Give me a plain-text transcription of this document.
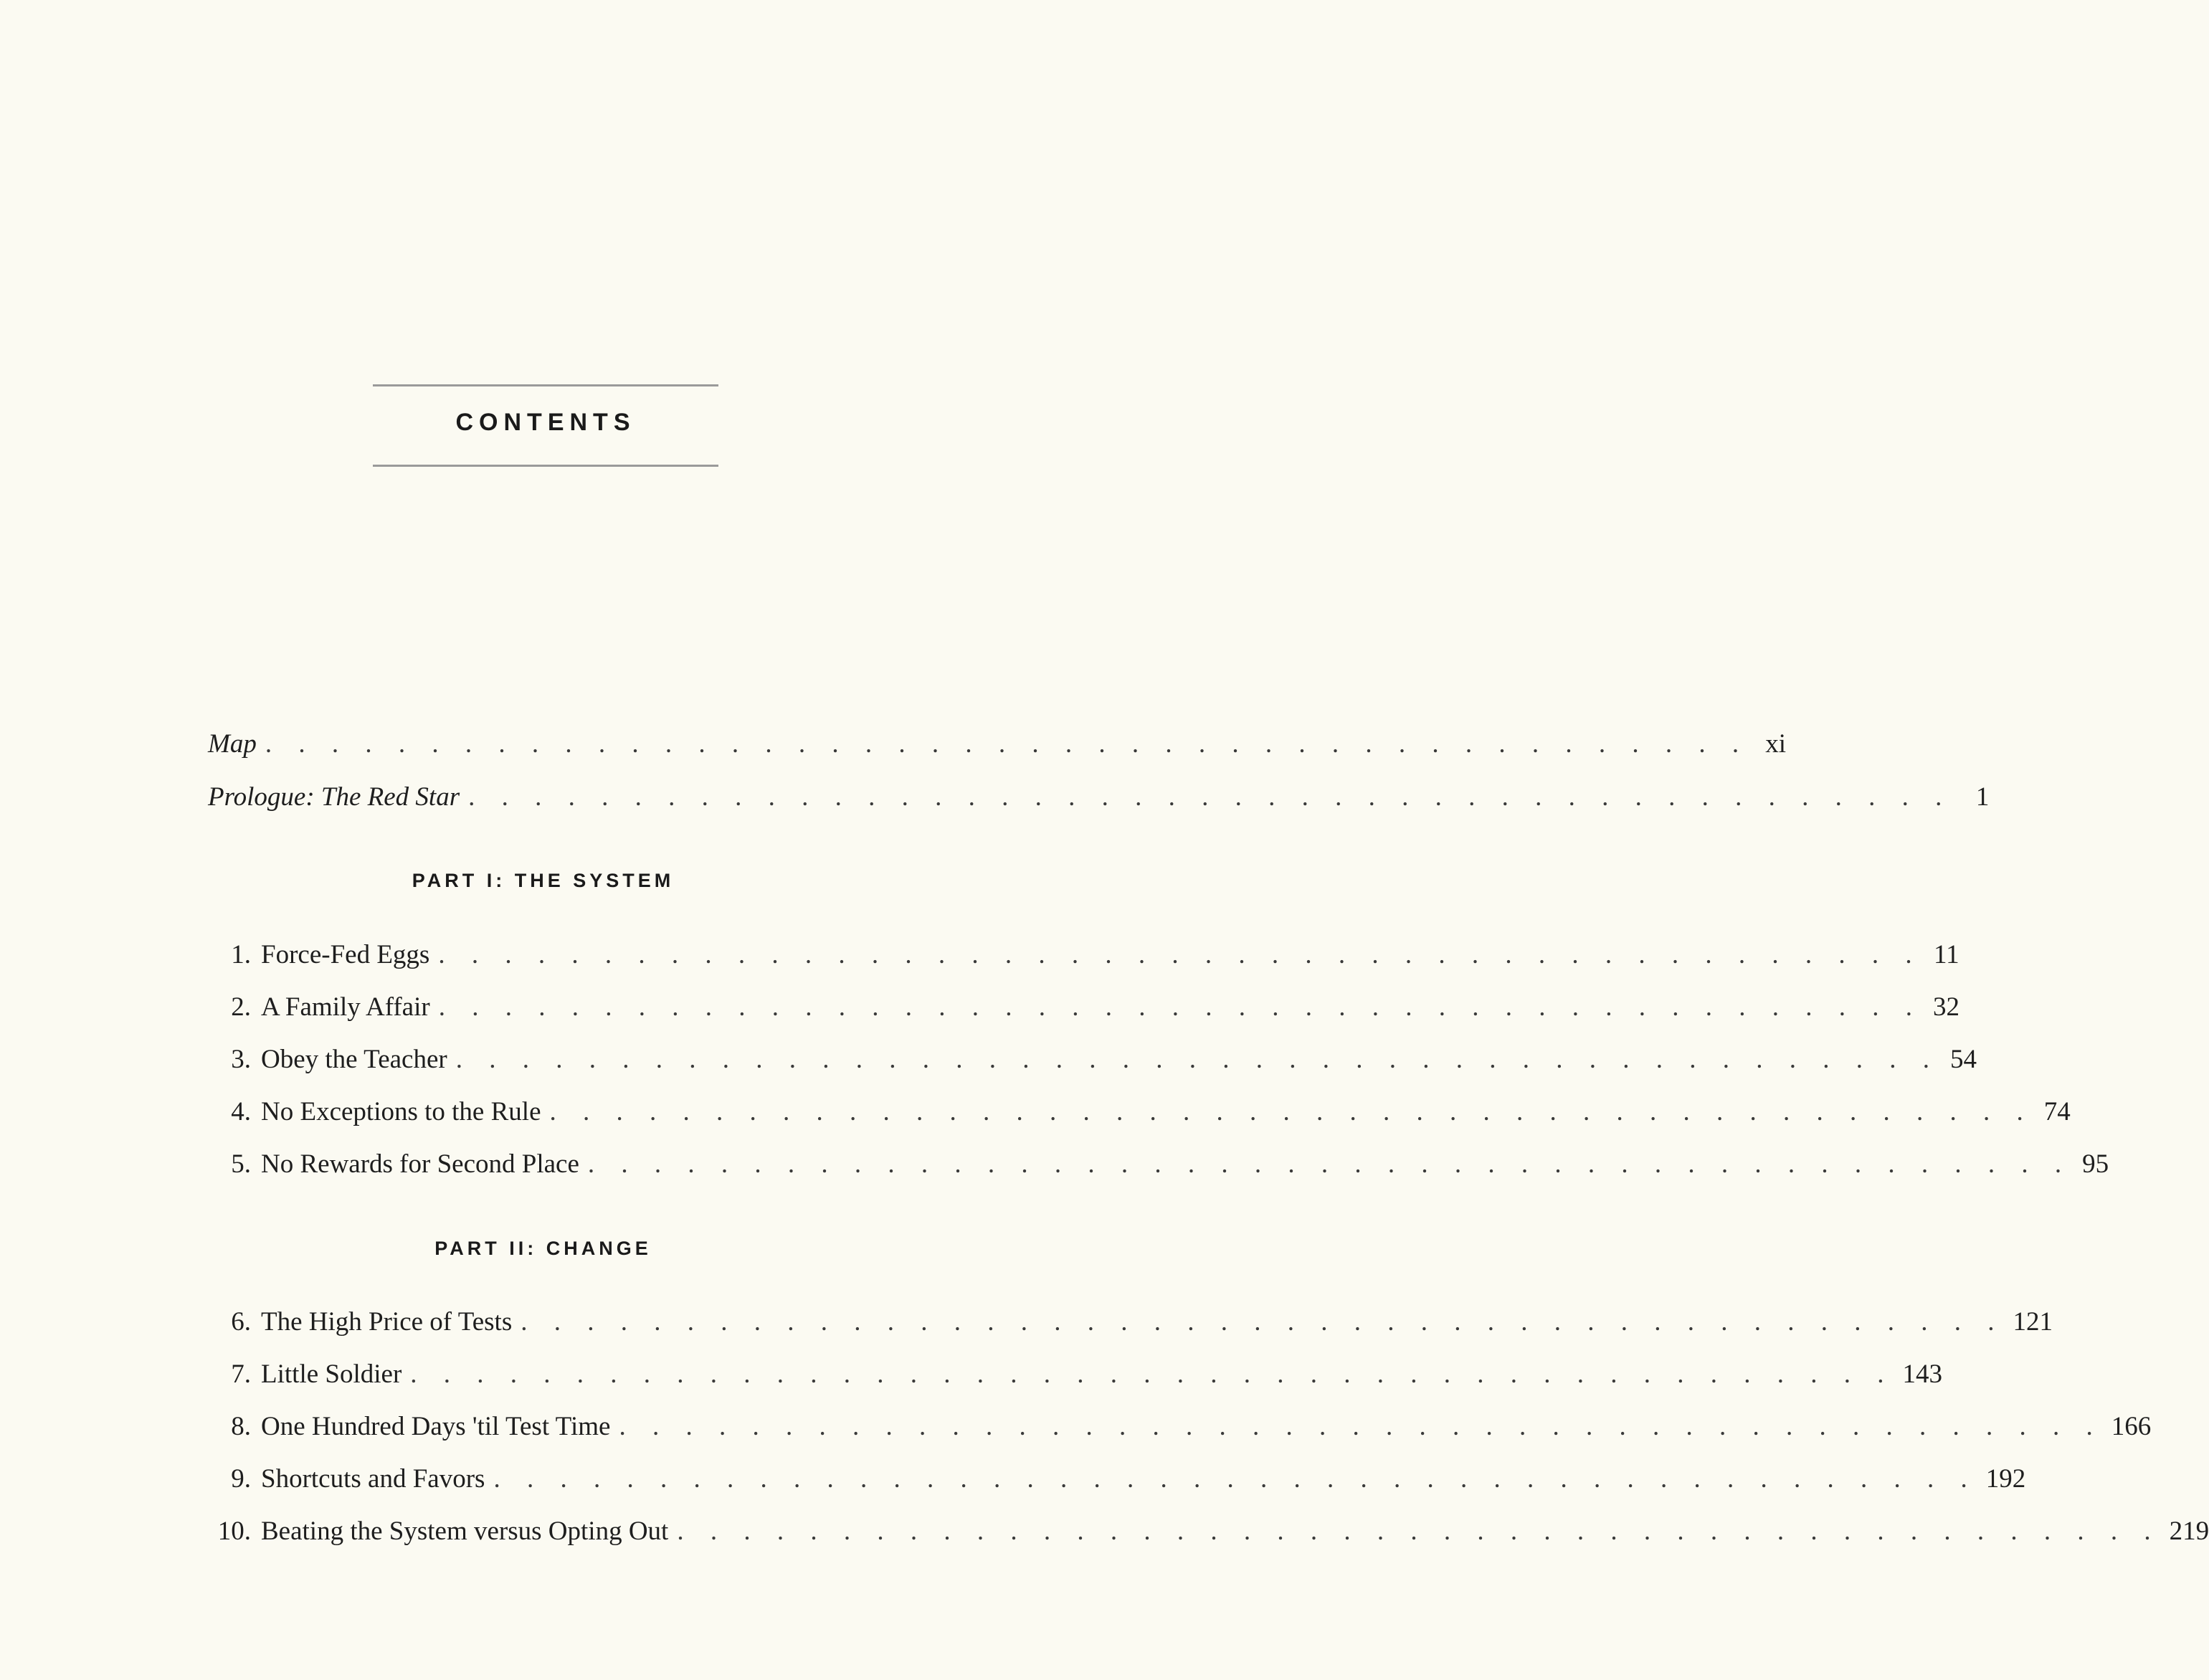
CONTENTS
Map . . . . . . . . . . . . . . . . . . . . . . . . . . . . . . . . . . . . . . . . . . . . . xi
Prologue: The Red Star . . . . . . . . . . . . . . . . . . . . . . . . . . . . . . . . . . . . . . . . . . . . . 1
PART I: THE SYSTEM
1. Force-Fed Eggs . . . . . . . . . . . . . . . . . . . . . . . . . . . . . . . . . . . . . . . . . . . . . 11
2. A Family Affair . . . . . . . . . . . . . . . . . . . . . . . . . . . . . . . . . . . . . . . . . . . . . 32
3. Obey the Teacher . . . . . . . . . . . . . . . . . . . . . . . . . . . . . . . . . . . . . . . . . . . . . 54
4. No Exceptions to the Rule . . . . . . . . . . . . . . . . . . . . . . . . . . . . . . . . . . . . . . . . . . . . . 74
5. No Rewards for Second Place . . . . . . . . . . . . . . . . . . . . . . . . . . . . . . . . . . . . . . . . . . . . . 95
PART II: CHANGE
6. The High Price of Tests . . . . . . . . . . . . . . . . . . . . . . . . . . . . . . . . . . . . . . . . . . . . . 121
7. Little Soldier . . . . . . . . . . . . . . . . . . . . . . . . . . . . . . . . . . . . . . . . . . . . . 143
8. One Hundred Days 'til Test Time . . . . . . . . . . . . . . . . . . . . . . . . . . . . . . . . . . . . . . . . . . . . . 166
9. Shortcuts and Favors . . . . . . . . . . . . . . . . . . . . . . . . . . . . . . . . . . . . . . . . . . . . . 192
10. Beating the System versus Opting Out . . . . . . . . . . . . . . . . . . . . . . . . . . . . . . . . . . . . . . . . . . . . . 219
